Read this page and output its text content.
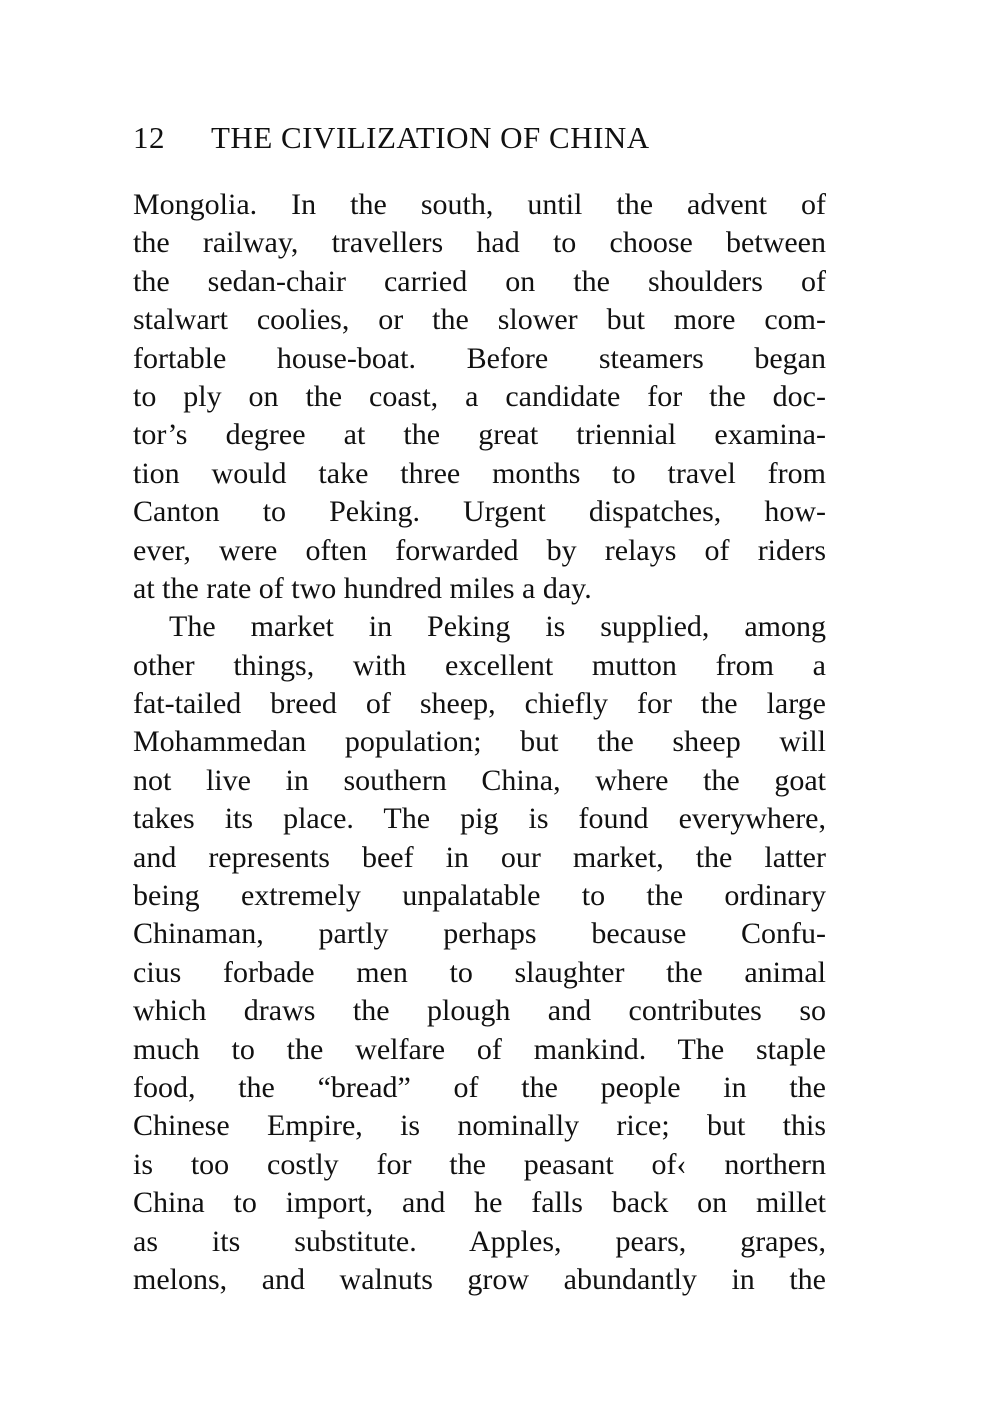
12 THE CIVILIZATION OF CHINA
Mongolia. In the south, until the advent of
the railway, travellers had to choose between
the sedan-chair carried on the shoulders of
stalwart coolies, or the slower but more com-
fortable house-boat. Before steamers began
to ply on the coast, a candidate for the doc-
tor’s degree at the great triennial examina-
tion would take three months to travel from
Canton to Peking. Urgent dispatches, how-
ever, were often forwarded by relays of riders
at the rate of two hundred miles a day.
The market in Peking is supplied, among
other things, with excellent mutton from a
fat-tailed breed of sheep, chiefly for the large
Mohammedan population; but the sheep will
not live in southern China, where the goat
takes its place. The pig is found everywhere,
and represents beef in our market, the latter
being extremely unpalatable to the ordinary
Chinaman, partly perhaps because Confu-
cius forbade men to slaughter the animal
which draws the plough and contributes so
much to the welfare of mankind. The staple
food, the “bread” of the people in the
Chinese Empire, is nominally rice; but this
is too costly for the peasant of‹ northern
China to import, and he falls back on millet
as its substitute. Apples, pears, grapes,
melons, and walnuts grow abundantly in the
